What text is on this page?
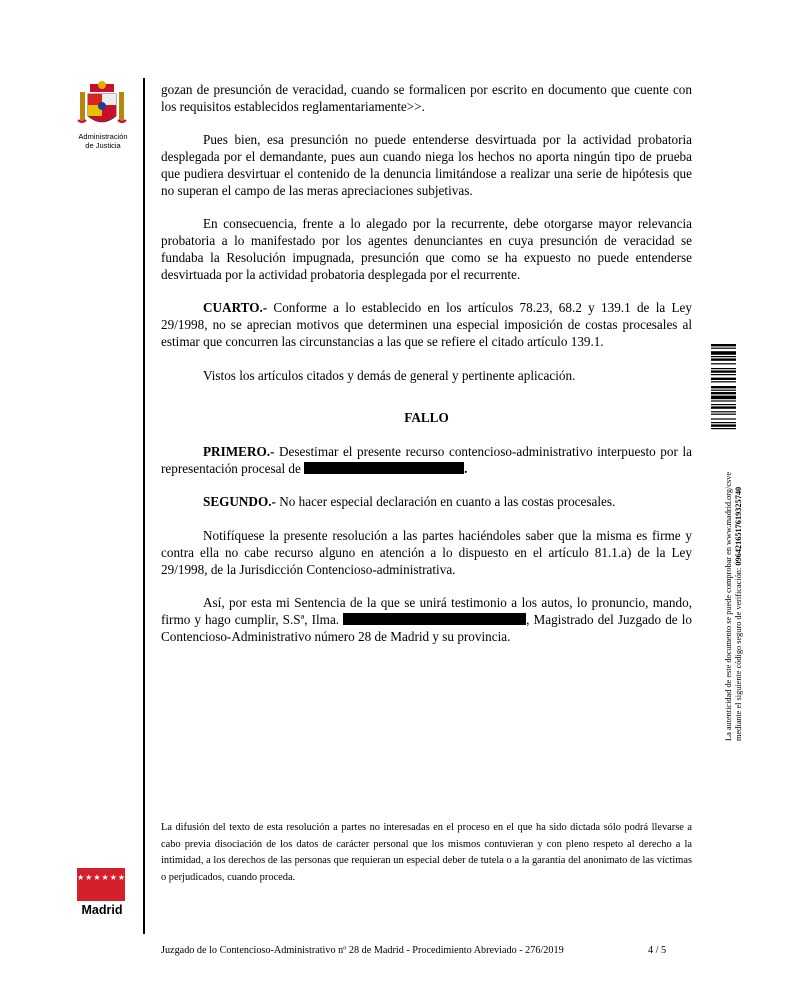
Administración
de Justicia

gozan de presunción de veracidad, cuando se formalicen por escrito en documento que cuente con los requisitos establecidos reglamentariamente>>.

Pues bien, esa presunción no puede entenderse desvirtuada por la actividad probatoria desplegada por el demandante, pues aun cuando niega los hechos no aporta ningún tipo de prueba que pudiera desvirtuar el contenido de la denuncia limitándose a realizar una serie de hipótesis que no superan el campo de las meras apreciaciones subjetivas.

En consecuencia, frente a lo alegado por la recurrente, debe otorgarse mayor relevancia probatoria a lo manifestado por los agentes denunciantes en cuya presunción de veracidad se fundaba la Resolución impugnada, presunción que como se ha expuesto no puede entenderse desvirtuada por la actividad probatoria desplegada por el recurrente.

CUARTO.- Conforme a lo establecido en los artículos 78.23, 68.2 y 139.1 de la Ley 29/1998, no se aprecian motivos que determinen una especial imposición de costas procesales al estimar que concurren las circunstancias a las que se refiere el citado artículo 139.1.

Vistos los artículos citados y demás de general y pertinente aplicación.

FALLO

PRIMERO.- Desestimar el presente recurso contencioso-administrativo interpuesto por la representación procesal de	.

SEGUNDO.- No hacer especial declaración en cuanto a las costas procesales.

Notifíquese la presente resolución a las partes haciéndoles saber que la misma es firme y contra ella no cabe recurso alguno en atención a lo dispuesto en el artículo 81.1.a) de la Ley 29/1998, de la Jurisdicción Contencioso-administrativa.

Así, por esta mi Sentencia de la que se unirá testimonio a los autos, lo pronuncio, mando, firmo y hago cumplir, S.Sª, Ilma.	, Magistrado del Juzgado de lo Contencioso-Administrativo número 28 de Madrid y su provincia.	La autenticidad de este documento se puede comprobar en www.madrid.org/csve mediante el siguiente código seguro de verificación: 0964216517619325740
La difusión del texto de esta resolución a partes no interesadas en el proceso en el que ha sido dictada sólo podrá llevarse a cabo previa disociación de los datos de carácter personal que los mismos contuvieran y con pleno respeto al derecho a la intimidad, a los derechos de las personas que requieran un especial deber de tutela o a la garantía del anonimato de las víctimas o perjudicados, cuando proceda.
★★★★★★★
Madrid
Juzgado de lo Contencioso-Administrativo nº 28 de Madrid - Procedimiento Abreviado - 276/2019	4 / 5
